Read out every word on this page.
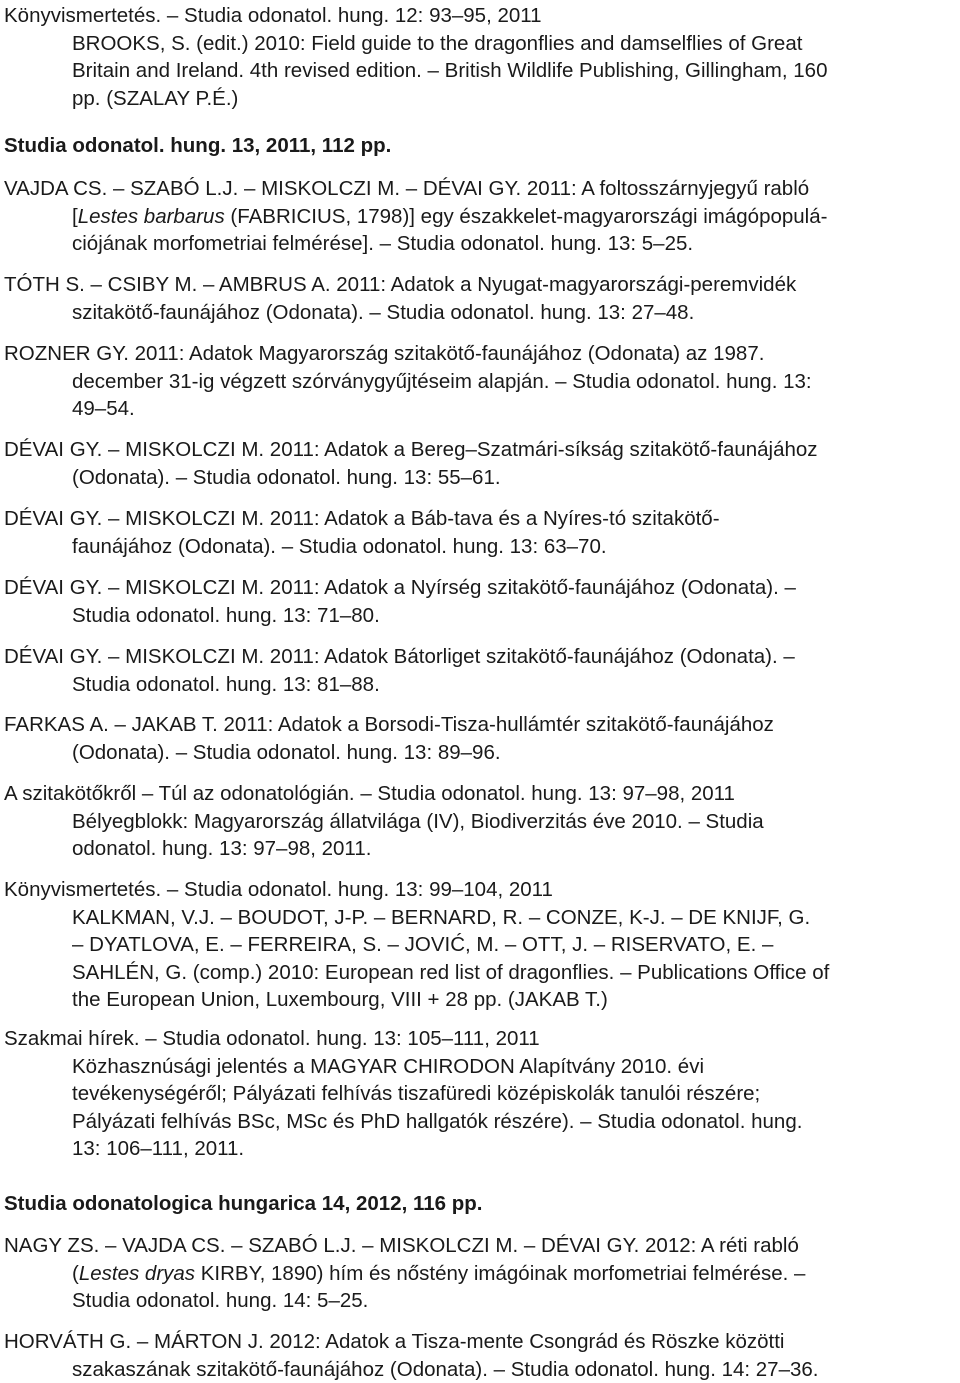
Könyvismertetés. – Studia odonatol. hung. 12: 93–95, 2011
BROOKS, S. (edit.) 2010: Field guide to the dragonflies and damselflies of Great
Britain and Ireland. 4th revised edition. – British Wildlife Publishing, Gillingham, 160
pp. (SZALAY P.É.)
Studia odonatol. hung. 13, 2011, 112 pp.
VAJDA CS. – SZABÓ L.J. – MISKOLCZI M. – DÉVAI GY. 2011: A foltosszárnyjegyű rabló
[Lestes barbarus (FABRICIUS, 1798)] egy északkelet-magyarországi imágópopulá-
ciójának morfometriai felmérése]. – Studia odonatol. hung. 13: 5–25.
TÓTH S. – CSIBY M. – AMBRUS A. 2011: Adatok a Nyugat-magyarországi-peremvidék
szitakötő-faunájához (Odonata). – Studia odonatol. hung. 13: 27–48.
ROZNER GY. 2011: Adatok Magyarország szitakötő-faunájához (Odonata) az 1987.
december 31-ig végzett szórványgyűjtéseim alapján. – Studia odonatol. hung. 13:
49–54.
DÉVAI GY. – MISKOLCZI M. 2011: Adatok a Bereg–Szatmári-síkság szitakötő-faunájához
(Odonata). – Studia odonatol. hung. 13: 55–61.
DÉVAI GY. – MISKOLCZI M. 2011: Adatok a Báb-tava és a Nyíres-tó szitakötő-
faunájához (Odonata). – Studia odonatol. hung. 13: 63–70.
DÉVAI GY. – MISKOLCZI M. 2011: Adatok a Nyírség szitakötő-faunájához (Odonata). –
Studia odonatol. hung. 13: 71–80.
DÉVAI GY. – MISKOLCZI M. 2011: Adatok Bátorliget szitakötő-faunájához (Odonata). –
Studia odonatol. hung. 13: 81–88.
FARKAS A. – JAKAB T. 2011: Adatok a Borsodi-Tisza-hullámtér szitakötő-faunájához
(Odonata). – Studia odonatol. hung. 13: 89–96.
A szitakötőkről – Túl az odonatológián. – Studia odonatol. hung. 13: 97–98, 2011
Bélyegblokk: Magyarország állatvilága (IV), Biodiverzitás éve 2010. – Studia
odonatol. hung. 13: 97–98, 2011.
Könyvismertetés. – Studia odonatol. hung. 13: 99–104, 2011
KALKMAN, V.J. – BOUDOT, J-P. – BERNARD, R. – CONZE, K-J. – DE KNIJF, G.
– DYATLOVA, E. – FERREIRA, S. – JOVIĆ, M. – OTT, J. – RISERVATO, E. –
SAHLÉN, G. (comp.) 2010: European red list of dragonflies. – Publications Office of
the European Union, Luxembourg, VIII + 28 pp. (JAKAB T.)
Szakmai hírek. – Studia odonatol. hung. 13: 105–111, 2011
Közhasznúsági jelentés a MAGYAR CHIRODON Alapítvány 2010. évi
tevékenységéről; Pályázati felhívás tiszafüredi középiskolák tanulói részére;
Pályázati felhívás BSc, MSc és PhD hallgatók részére). – Studia odonatol. hung.
13: 106–111, 2011.
Studia odonatologica hungarica 14, 2012, 116 pp.
NAGY ZS. – VAJDA CS. – SZABÓ L.J. – MISKOLCZI M. – DÉVAI GY. 2012: A réti rabló
(Lestes dryas KIRBY, 1890) hím és nőstény imágóinak morfometriai felmérése. –
Studia odonatol. hung. 14: 5–25.
HORVÁTH G. – MÁRTON J. 2012: Adatok a Tisza-mente Csongrád és Röszke közötti
szakaszának szitakötő-faunájához (Odonata). – Studia odonatol. hung. 14: 27–36.
